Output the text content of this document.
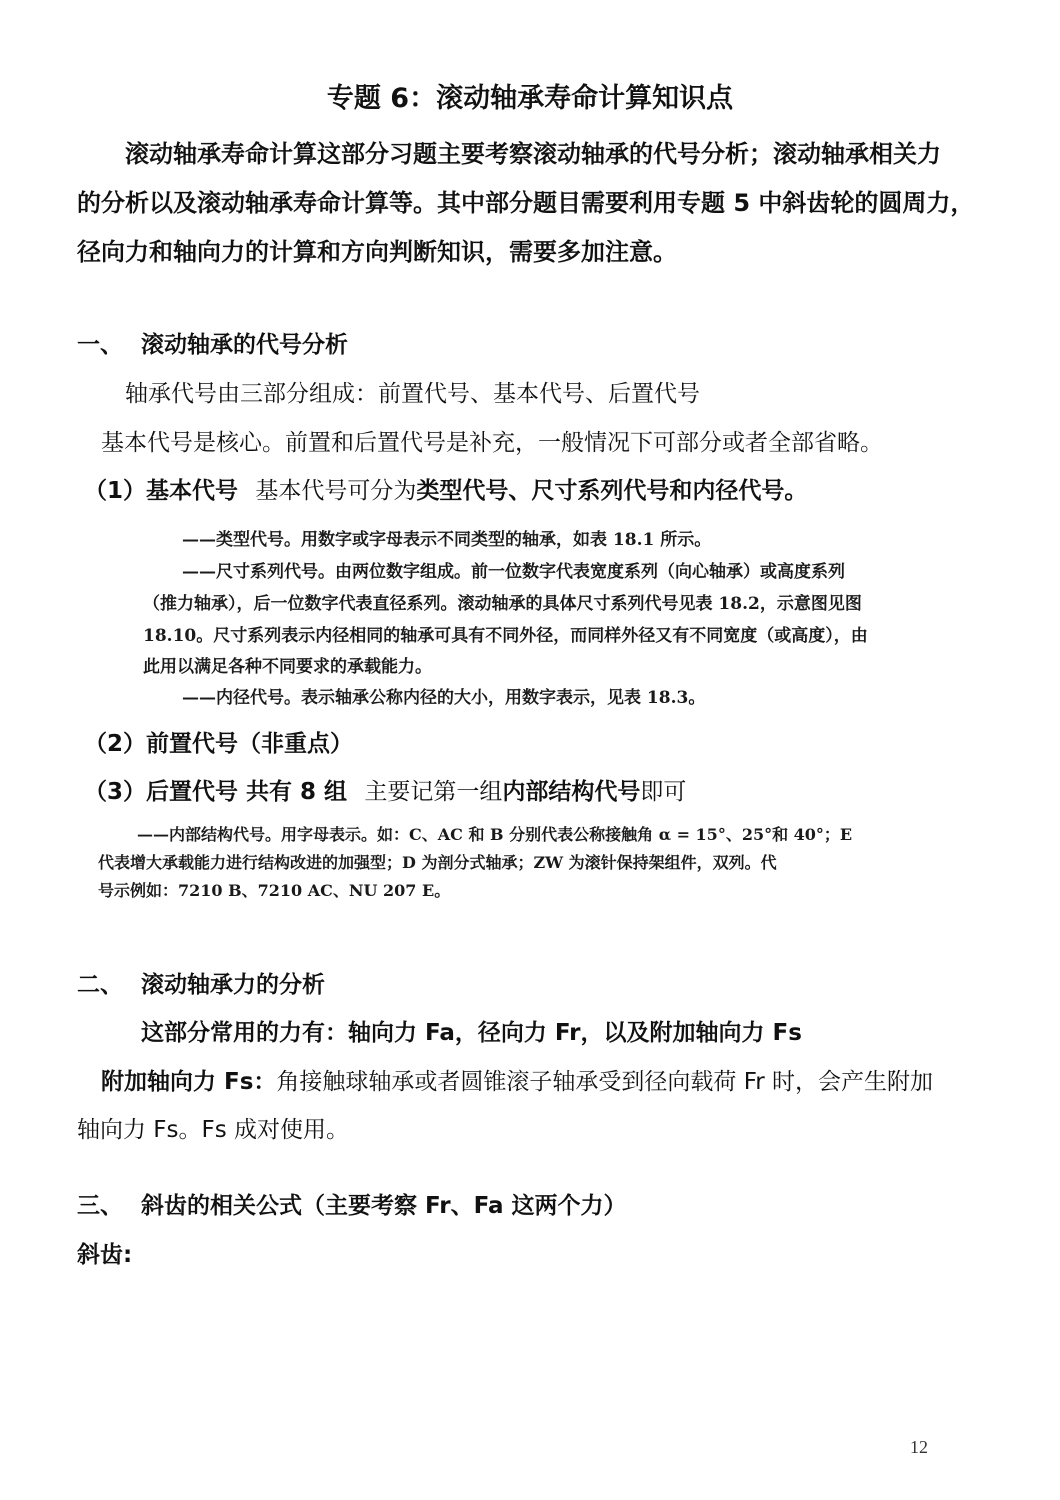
专题 6：滚动轴承寿命计算知识点

滚动轴承寿命计算这部分习题主要考察滚动轴承的代号分析；滚动轴承相关力

的分析以及滚动轴承寿命计算等。其中部分题目需要利用专题 5 中斜齿轮的圆周力，

径向力和轴向力的计算和方向判断知识，需要多加注意。

一、 滚动轴承的代号分析
轴承代号由三部分组成：前置代号、基本代号、后置代号
基本代号是核心。前置和后置代号是补充，一般情况下可部分或者全部省略。
（1）基本代号 基本代号可分为类型代号、尺寸系列代号和内径代号。
——类型代号。用数字或字母表示不同类型的轴承，如表 18.1 所示。
——尺寸系列代号。由两位数字组成。前一位数字代表宽度系列（向心轴承）或高度系列
（推力轴承），后一位数字代表直径系列。滚动轴承的具体尺寸系列代号见表 18.2，示意图见图
18.10。尺寸系列表示内径相同的轴承可具有不同外径，而同样外径又有不同宽度（或高度），由
此用以满足各种不同要求的承载能力。
——内径代号。表示轴承公称内径的大小，用数字表示，见表 18.3。
（2）前置代号（非重点）
（3）后置代号 共有 8 组 主要记第一组内部结构代号即可
——内部结构代号。用字母表示。如：C、AC 和 B 分别代表公称接触角 α = 15°、25°和 40°；E
代表增大承载能力进行结构改进的加强型；D 为剖分式轴承；ZW 为滚针保持架组件，双列。代
号示例如：7210 B、7210 AC、NU 207 E。
二、 滚动轴承力的分析
这部分常用的力有：轴向力 Fa，径向力 Fr，以及附加轴向力 Fs
附加轴向力 Fs：角接触球轴承或者圆锥滚子轴承受到径向载荷 Fr 时，会产生附加
轴向力 Fs。Fs 成对使用。
三、 斜齿的相关公式（主要考察 Fr、Fa 这两个力）
斜齿:
12
